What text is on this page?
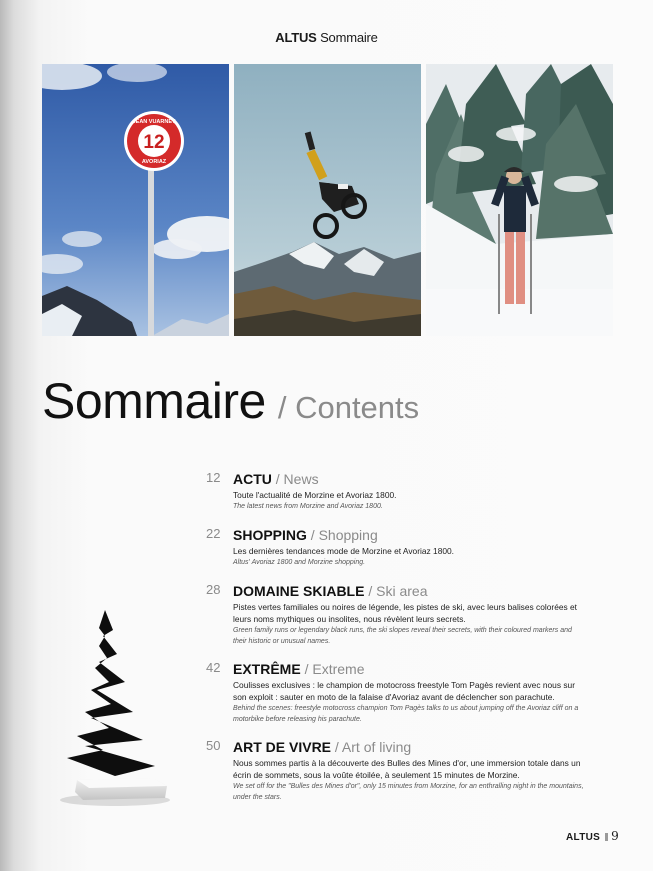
ALTUS Sommaire
12
JEAN VUARNET
AVORIAZ
Sommaire / Contents
12 ACTU / News
Toute l'actualité de Morzine et Avoriaz 1800.
The latest news from Morzine and Avoriaz 1800.
22 SHOPPING / Shopping
Les dernières tendances mode de Morzine et Avoriaz 1800.
Altus' Avoriaz 1800 and Morzine shopping.
28 DOMAINE SKIABLE / Ski area
Pistes vertes familiales ou noires de légende, les pistes de ski, avec leurs balises colorées et leurs noms mythiques ou insolites, nous révèlent leurs secrets.
Green family runs or legendary black runs, the ski slopes reveal their secrets, with their coloured markers and their historic or unusual names.
42 EXTRÊME / Extreme
Coulisses exclusives : le champion de motocross freestyle Tom Pagès revient avec nous sur son exploit : sauter en moto de la falaise d'Avoriaz avant de déclencher son parachute.
Behind the scenes: freestyle motocross champion Tom Pagès talks to us about jumping off the Avoriaz cliff on a motorbike before releasing his parachute.
50 ART DE VIVRE / Art of living
Nous sommes partis à la découverte des Bulles des Mines d'or, une immersion totale dans un écrin de sommets, sous la voûte étoilée, à seulement 15 minutes de Morzine.
We set off for the "Bulles des Mines d'or", only 15 minutes from Morzine, for an enthralling night in the mountains, under the stars.
ALTUS 9
